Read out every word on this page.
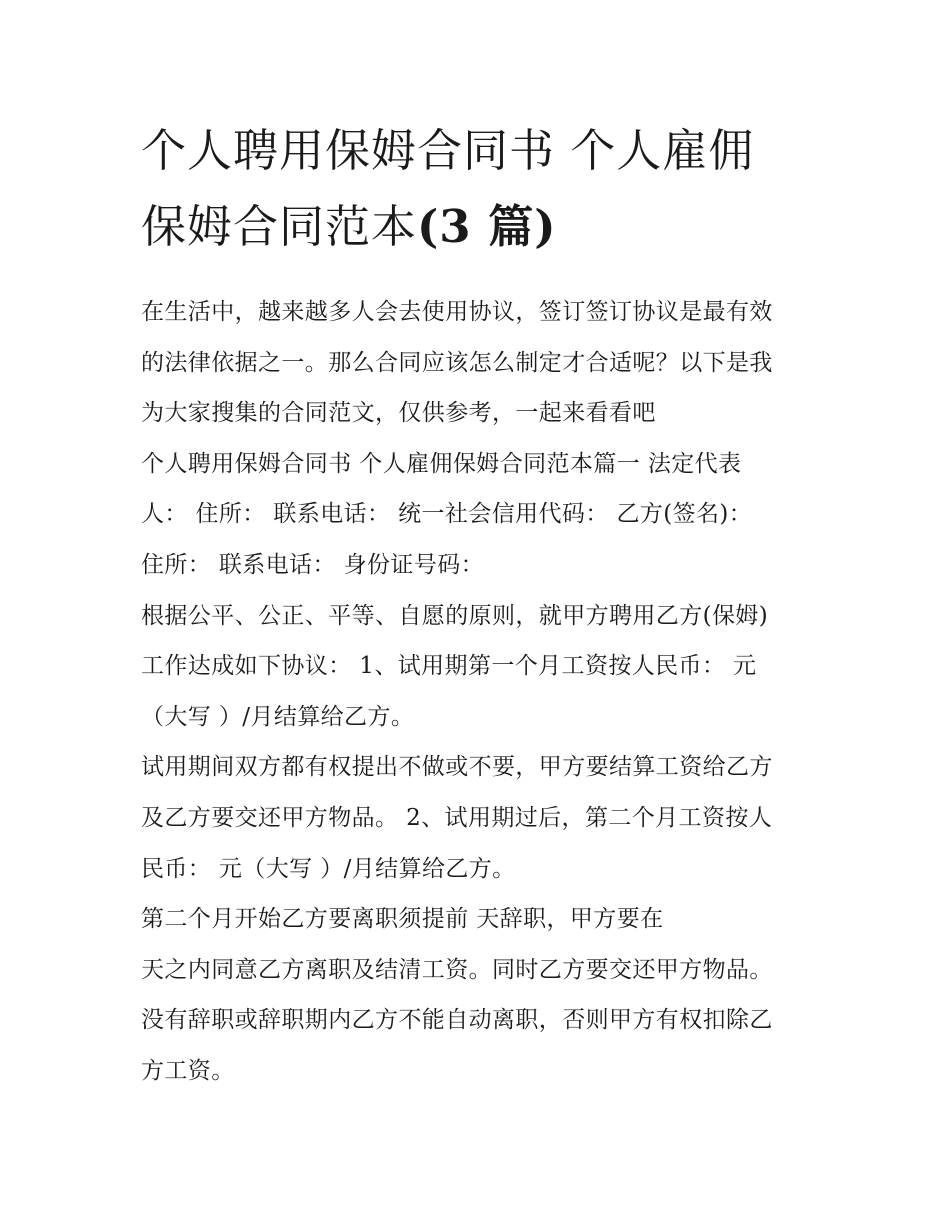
个人聘用保姆合同书 个人雇佣
保姆合同范本(3 篇)
在生活中，越来越多人会去使用协议，签订签订协议是最有效
的法律依据之一。那么合同应该怎么制定才合适呢？以下是我
为大家搜集的合同范文，仅供参考，一起来看看吧
个人聘用保姆合同书 个人雇佣保姆合同范本篇一 法定代表
人： 住所： 联系电话： 统一社会信用代码： 乙方(签名)：
住所： 联系电话： 身份证号码：
根据公平、公正、平等、自愿的原则，就甲方聘用乙方(保姆)
工作达成如下协议： 1、试用期第一个月工资按人民币： 元
（大写 ）/月结算给乙方。
试用期间双方都有权提出不做或不要，甲方要结算工资给乙方
及乙方要交还甲方物品。 2、试用期过后，第二个月工资按人
民币： 元（大写 ）/月结算给乙方。
第二个月开始乙方要离职须提前 天辞职，甲方要在
天之内同意乙方离职及结清工资。同时乙方要交还甲方物品。
没有辞职或辞职期内乙方不能自动离职，否则甲方有权扣除乙
方工资。
